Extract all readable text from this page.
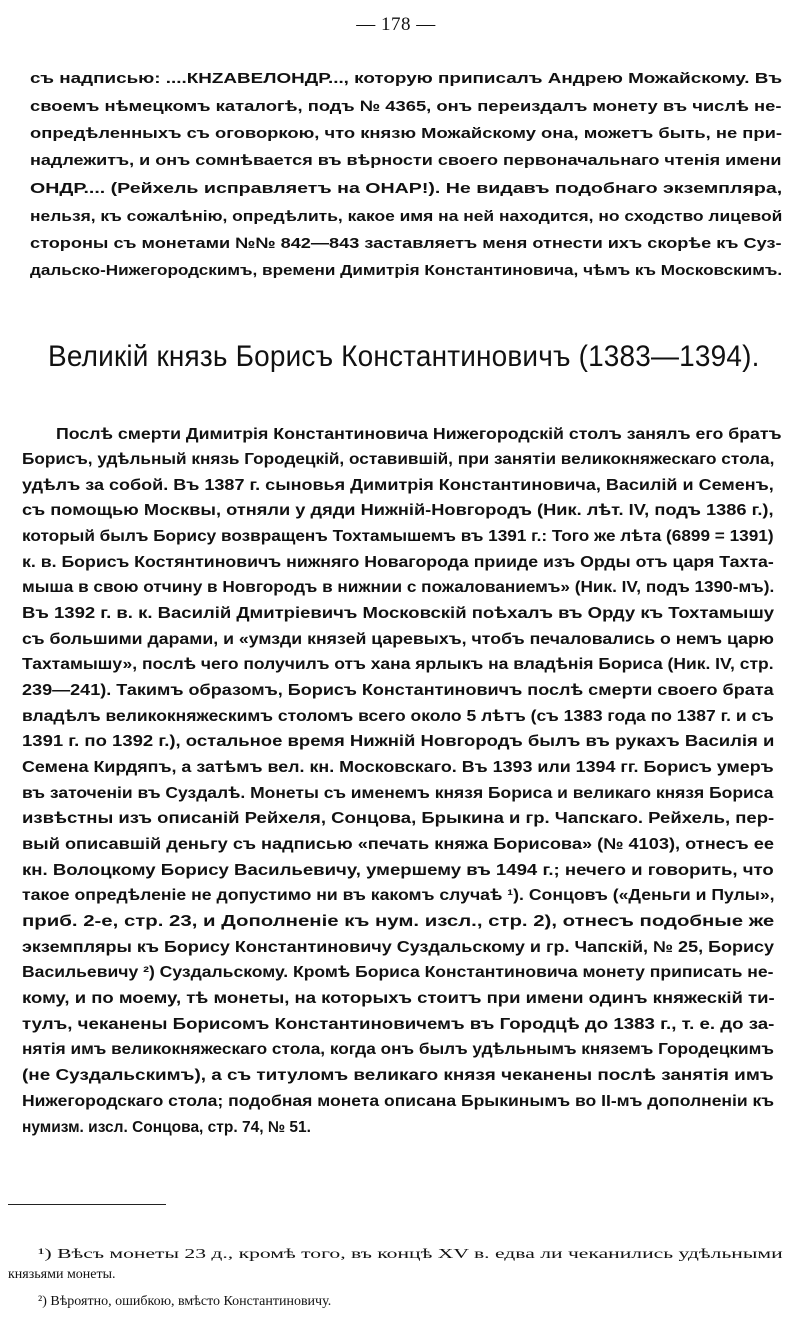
— 178 —
съ надписью: ....КНZАВЕЛОНДР..., которую приписалъ Андрею Можайскому. Въ
своемъ нѣмецкомъ каталогѣ, подъ № 4365, онъ переиздалъ монету въ числѣ не-
опредѣленныхъ съ оговоркою, что князю Можайскому она, можетъ быть, не при-
надлежитъ, и онъ сомнѣвается въ вѣрности своего первоначальнаго чтенія имени
ОНДР.... (Рейхель исправляетъ на ОНАР!). Не видавъ подобнаго экземпляра,
нельзя, къ сожалѣнію, опредѣлить, какое имя на ней находится, но сходство лицевой
стороны съ монетами №№ 842—843 заставляетъ меня отнести ихъ скорѣе къ Суз-
дальско-Нижегородскимъ, времени Димитрія Константиновича, чѣмъ къ Московскимъ.
Великій князь Борисъ Константиновичъ (1383—1394).
Послѣ смерти Димитрія Константиновича Нижегородскій столъ занялъ его братъ
Борисъ, удѣльный князь Городецкій, оставившій, при занятіи великокняжескаго стола,
удѣлъ за собой. Въ 1387 г. сыновья Димитрія Константиновича, Василій и Семенъ,
съ помощью Москвы, отняли у дяди Нижній-Новгородъ (Ник. лѣт. IV, подъ 1386 г.),
который былъ Борису возвращенъ Тохтамышемъ въ 1391 г.: Того же лѣта (6899 = 1391)
к. в. Борисъ Костянтиновичъ нижняго Новагорода прииде изъ Орды отъ царя Тахта-
мыша в свою отчину в Новгородъ в нижнии с пожалованиемъ» (Ник. IV, подъ 1390-мъ).
Въ 1392 г. в. к. Василій Дмитріевичъ Московскій поѣхалъ въ Орду къ Тохтамышу
съ большими дарами, и «умзди князей царевыхъ, чтобъ печаловались о немъ царю
Тахтамышу», послѣ чего получилъ отъ хана ярлыкъ на владѣнія Бориса (Ник. IV, стр.
239—241). Такимъ образомъ, Борисъ Константиновичъ послѣ смерти своего брата
владѣлъ великокняжескимъ столомъ всего около 5 лѣтъ (съ 1383 года по 1387 г. и съ
1391 г. по 1392 г.), остальное время Нижній Новгородъ былъ въ рукахъ Василія и
Семена Кирдяпъ, а затѣмъ вел. кн. Московскаго. Въ 1393 или 1394 гг. Борисъ умеръ
въ заточеніи въ Суздалѣ. Монеты съ именемъ князя Бориса и великаго князя Бориса
извѣстны изъ описаній Рейхеля, Сонцова, Брыкина и гр. Чапскаго. Рейхель, пер-
вый описавшій деньгу съ надписью «печать княжа Борисова» (№ 4103), отнесъ ее
кн. Волоцкому Борису Васильевичу, умершему въ 1494 г.; нечего и говорить, что
такое опредѣленіе не допустимо ни въ какомъ случаѣ ¹). Сонцовъ («Деньги и Пулы»,
приб. 2-е, стр. 23, и Дополненіе къ нум. изсл., стр. 2), отнесъ подобные же
экземпляры къ Борису Константиновичу Суздальскому и гр. Чапскій, № 25, Борису
Васильевичу ²) Суздальскому. Кромѣ Бориса Константиновича монету приписать не-
кому, и по моему, тѣ монеты, на которыхъ стоитъ при имени одинъ княжескій ти-
тулъ, чеканены Борисомъ Константиновичемъ въ Городцѣ до 1383 г., т. е. до за-
нятія имъ великокняжескаго стола, когда онъ былъ удѣльнымъ княземъ Городецкимъ
(не Суздальскимъ), а съ титуломъ великаго князя чеканены послѣ занятія имъ
Нижегородскаго стола; подобная монета описана Брыкинымъ во II-мъ дополненіи къ
нумизм. изсл. Сонцова, стр. 74, № 51.
¹) Вѣсъ монеты 23 д., кромѣ того, въ концѣ XV в. едва ли чеканились удѣльными
князьями монеты.
²) Вѣроятно, ошибкою, вмѣсто Константиновичу.
